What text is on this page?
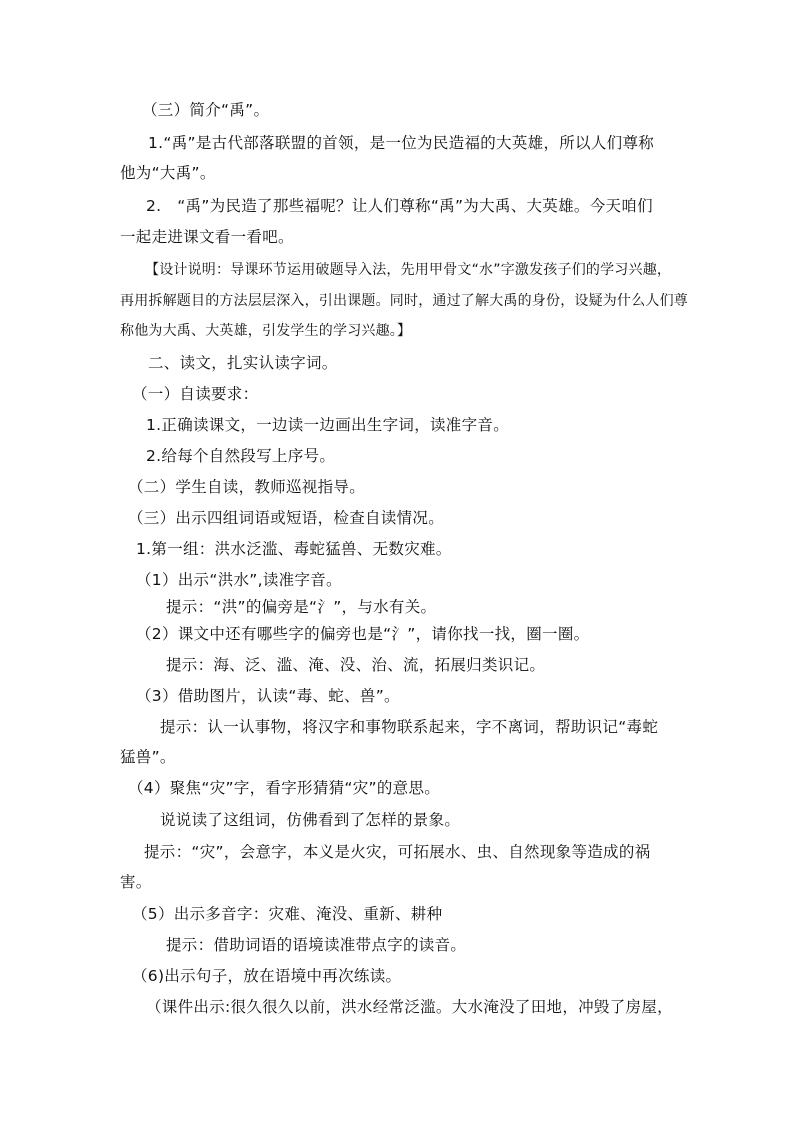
（三）简介“禹”。
1.“禹”是古代部落联盟的首领，是一位为民造福的大英雄，所以人们尊称
他为“大禹”。
2.　“禹”为民造了那些福呢？让人们尊称“禹”为大禹、大英雄。今天咱们
一起走进课文看一看吧。
【设计说明：导课环节运用破题导入法，先用甲骨文“水”字激发孩子们的学习兴趣，
再用拆解题目的方法层层深入，引出课题。同时，通过了解大禹的身份，设疑为什么人们尊
称他为大禹、大英雄，引发学生的学习兴趣。】
二、读文，扎实认读字词。
（一）自读要求：
1.正确读课文，一边读一边画出生字词，读准字音。
2.给每个自然段写上序号。
（二）学生自读，教师巡视指导。
（三）出示四组词语或短语，检查自读情况。
1.第一组：洪水泛滥、毒蛇猛兽、无数灾难。
（1）出示“洪水”,读准字音。
提示：“洪”的偏旁是“氵”，与水有关。
（2）课文中还有哪些字的偏旁也是“氵”，请你找一找，圈一圈。
提示：海、泛、滥、淹、没、治、流，拓展归类识记。
（3）借助图片，认读“毒、蛇、兽”。
提示：认一认事物，将汉字和事物联系起来，字不离词，帮助识记“毒蛇
猛兽”。
（4）聚焦“灾”字，看字形猜猜“灾”的意思。
说说读了这组词，仿佛看到了怎样的景象。
提示：“灾”，会意字，本义是火灾，可拓展水、虫、自然现象等造成的祸
害。
（5）出示多音字：灾难、淹没、重新、耕种
提示：借助词语的语境读准带点字的读音。
（6)出示句子，放在语境中再次练读。
（课件出示:很久很久以前，洪水经常泛滥。大水淹没了田地，冲毁了房屋，
